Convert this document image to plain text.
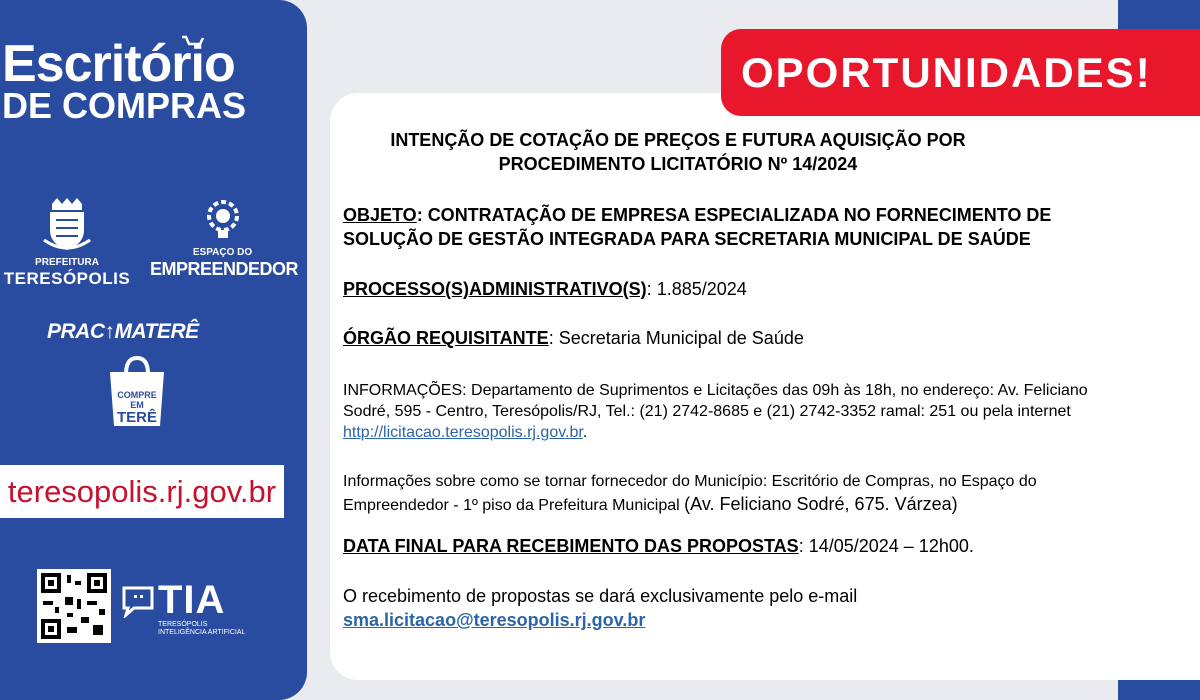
Escritório
DE COMPRAS
PREFEITURA
TERESÓPOLIS
ESPAÇO DO
EMPREENDEDOR
PRAC↑MATERÊ
COMPRE
EM
TERÊ
teresopolis.rj.gov.br
TIA
TERESÓPOLIS
INTELIGÊNCIA ARTIFICIAL
OPORTUNIDADES!
INTENÇÃO DE COTAÇÃO DE PREÇOS E FUTURA AQUISIÇÃO POR
PROCEDIMENTO LICITATÓRIO Nº 14/2024
OBJETO: CONTRATAÇÃO DE EMPRESA ESPECIALIZADA NO FORNECIMENTO DE
SOLUÇÃO DE GESTÃO INTEGRADA PARA SECRETARIA MUNICIPAL DE SAÚDE
PROCESSO(S)ADMINISTRATIVO(S): 1.885/2024
ÓRGÃO REQUISITANTE: Secretaria Municipal de Saúde
INFORMAÇÕES: Departamento de Suprimentos e Licitações das 09h às 18h, no endereço: Av. Feliciano
Sodré, 595 - Centro, Teresópolis/RJ, Tel.: (21) 2742-8685 e (21) 2742-3352 ramal: 251 ou pela internet
http://licitacao.teresopolis.rj.gov.br.
Informações sobre como se tornar fornecedor do Município: Escritório de Compras, no Espaço do
Empreendedor - 1º piso da Prefeitura Municipal (Av. Feliciano Sodré, 675. Várzea)
DATA FINAL PARA RECEBIMENTO DAS PROPOSTAS: 14/05/2024 – 12h00.
O recebimento de propostas se dará exclusivamente pelo e-mail
sma.licitacao@teresopolis.rj.gov.br
